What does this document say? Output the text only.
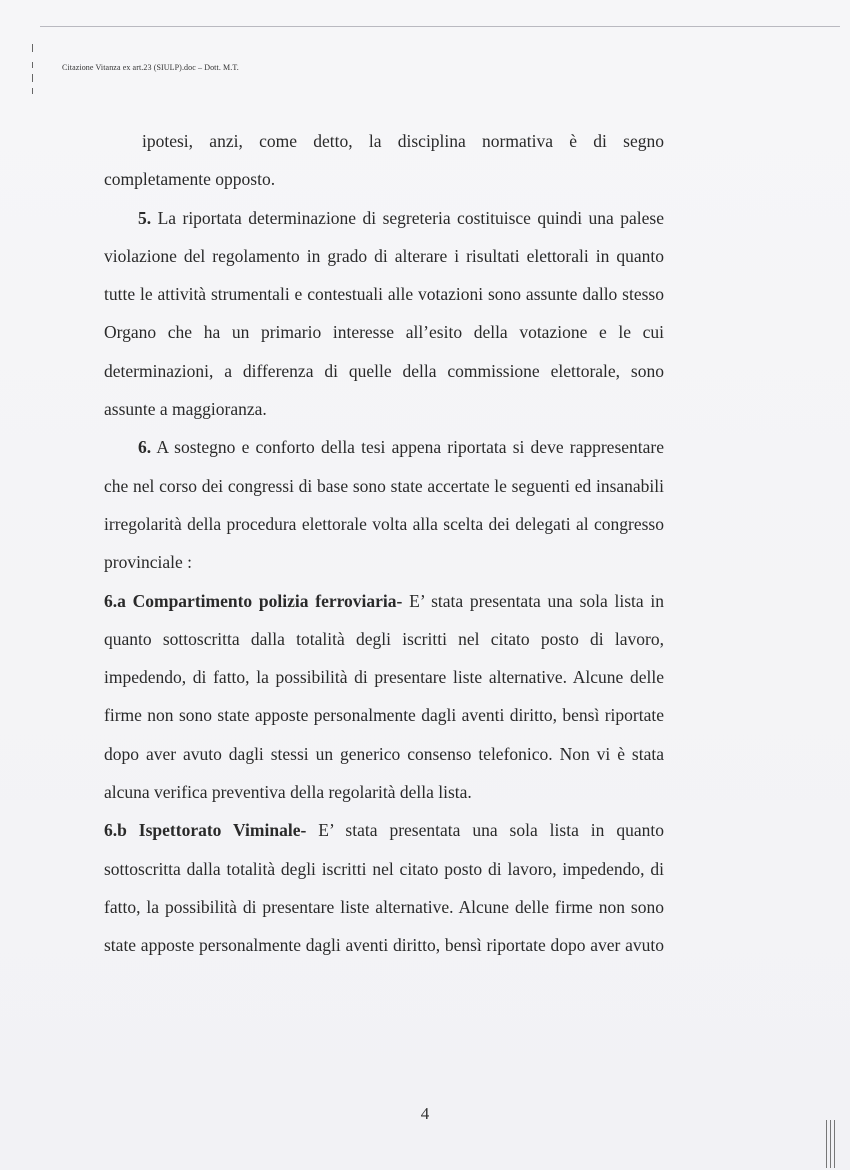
Citazione Vitanza ex art.23 (SIULP).doc – Dott. M.T.

ipotesi, anzi, come detto, la disciplina normativa è di segno completamente opposto.

5. La riportata determinazione di segreteria costituisce quindi una palese violazione del regolamento in grado di alterare i risultati elettorali in quanto tutte le attività strumentali e contestuali alle votazioni sono assunte dallo stesso Organo che ha un primario interesse all’esito della votazione e le cui determinazioni, a differenza di quelle della commissione elettorale, sono assunte a maggioranza.

6. A sostegno e conforto della tesi appena riportata si deve rappresentare che nel corso dei congressi di base sono state accertate le seguenti ed insanabili irregolarità della procedura elettorale volta alla scelta dei delegati al congresso provinciale :

6.a Compartimento polizia ferroviaria- E’ stata presentata una sola lista in quanto sottoscritta dalla totalità degli iscritti nel citato posto di lavoro, impedendo, di fatto, la possibilità di presentare liste alternative. Alcune delle firme non sono state apposte personalmente dagli aventi diritto, bensì riportate dopo aver avuto dagli stessi un generico consenso telefonico. Non vi è stata alcuna verifica preventiva della regolarità della lista.

6.b Ispettorato Viminale- E’ stata presentata una sola lista in quanto sottoscritta dalla totalità degli iscritti nel citato posto di lavoro, impedendo, di fatto, la possibilità di presentare liste alternative. Alcune delle firme non sono state apposte personalmente dagli aventi diritto, bensì riportate dopo aver avuto

4
